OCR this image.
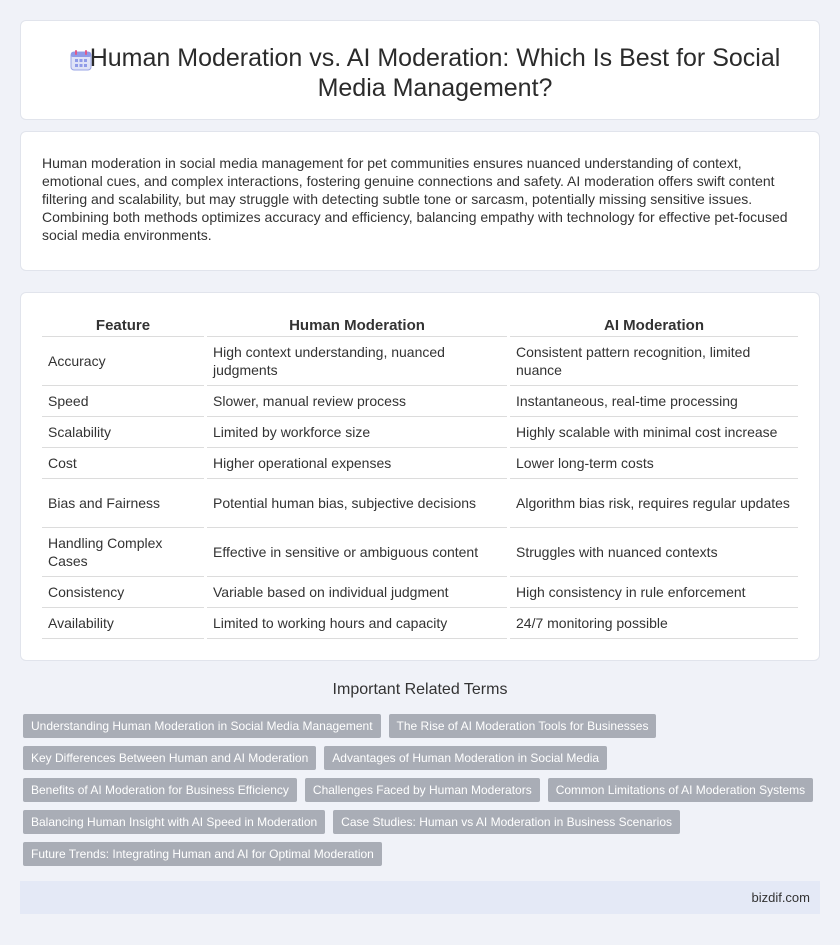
Human Moderation vs. AI Moderation: Which Is Best for Social Media Management?

Human moderation in social media management for pet communities ensures nuanced understanding of context, emotional cues, and complex interactions, fostering genuine connections and safety. AI moderation offers swift content filtering and scalability, but may struggle with detecting subtle tone or sarcasm, potentially missing sensitive issues. Combining both methods optimizes accuracy and efficiency, balancing empathy with technology for effective pet-focused social media environments.

Feature		Human Moderation		AI Moderation
Accuracy		High context understanding, nuanced judgments		Consistent pattern recognition, limited nuance
Speed		Slower, manual review process		Instantaneous, real-time processing
Scalability		Limited by workforce size		Highly scalable with minimal cost increase
Cost		Higher operational expenses		Lower long-term costs
Bias and Fairness		Potential human bias, subjective decisions		Algorithm bias risk, requires regular updates
Handling Complex Cases		Effective in sensitive or ambiguous content		Struggles with nuanced contexts
Consistency		Variable based on individual judgment		High consistency in rule enforcement
Availability		Limited to working hours and capacity		24/7 monitoring possible
Important Related Terms
Understanding Human Moderation in Social Media Management	The Rise of AI Moderation Tools for Businesses
Key Differences Between Human and AI Moderation	Advantages of Human Moderation in Social Media
Benefits of AI Moderation for Business Efficiency	Challenges Faced by Human Moderators	Common Limitations of AI Moderation Systems
Balancing Human Insight with AI Speed in Moderation	Case Studies: Human vs AI Moderation in Business Scenarios
Future Trends: Integrating Human and AI for Optimal Moderation
bizdif.com
